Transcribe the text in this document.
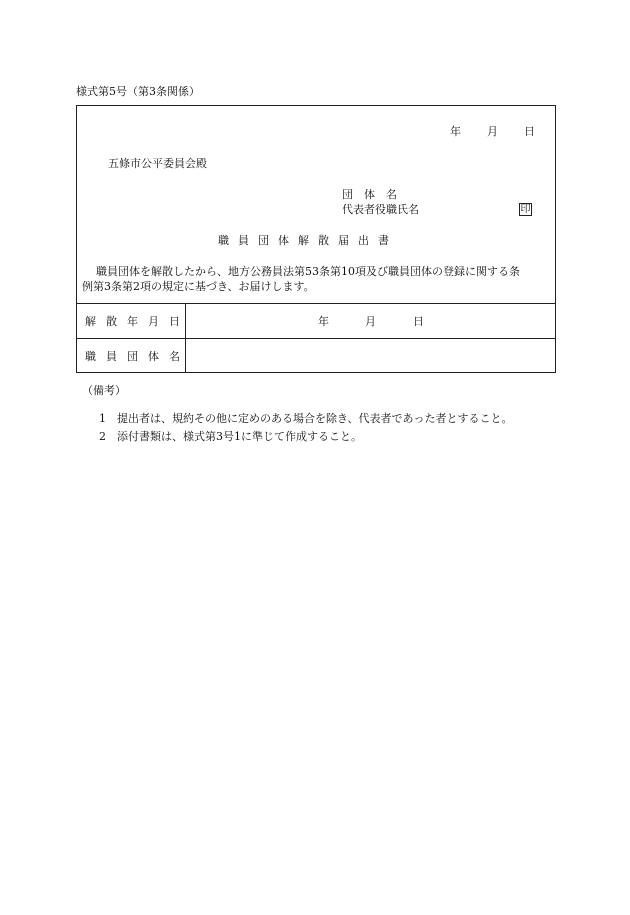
様式第5号（第3条関係）
年 月 日
五條市公平委員会殿
団　体　名
代表者役職氏名	印
職員団体解散届出書
職員団体を解散したから、地方公務員法第53条第10項及び職員団体の登録に関する条
例第3条第2項の規定に基づき、お届けします。
解散年月日	年	月	日
職員団体名
（備考）
1 提出者は、規約その他に定めのある場合を除き、代表者であった者とすること。
2 添付書類は、様式第3号1に準じて作成すること。
